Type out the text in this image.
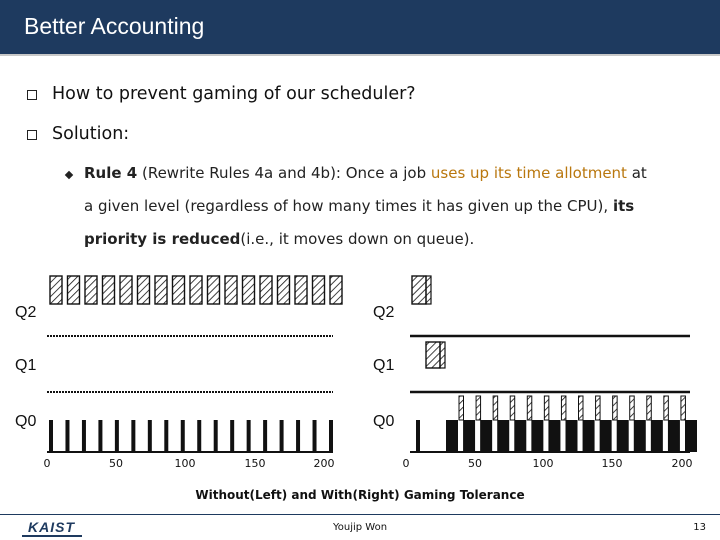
Better Accounting
How to prevent gaming of our scheduler?
Solution:
Rule 4 (Rewrite Rules 4a and 4b): Once a job uses up its time allotment at
a given level (regardless of how many times it has given up the CPU), its
priority is reduced(i.e., it moves down on queue).
Q2
Q1
Q0
Q2
Q1
Q0
0	50	100	150	200	0	50	100	150	200
Without(Left) and With(Right) Gaming Tolerance
KAIST	Youjip Won	13
